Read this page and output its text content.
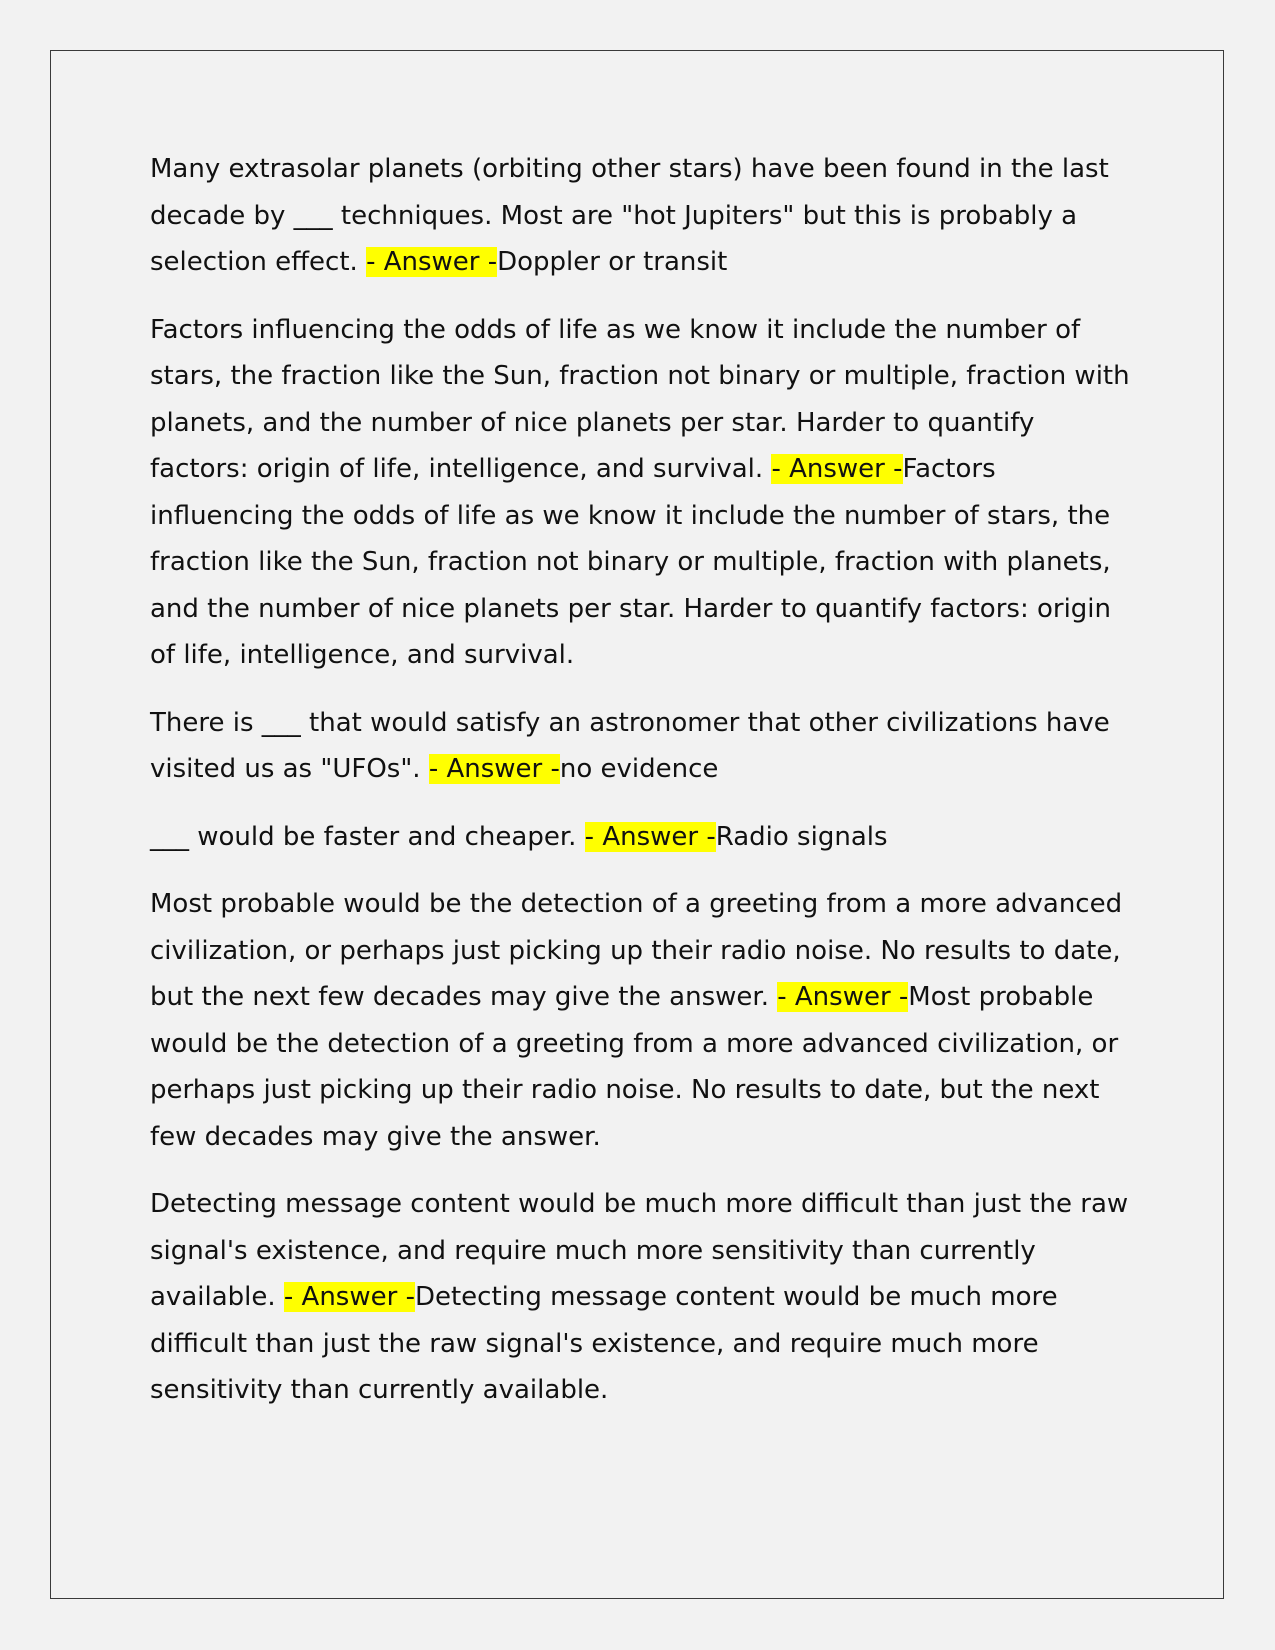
Many extrasolar planets (orbiting other stars) have been found in the last decade by ___ techniques. Most are "hot Jupiters" but this is probably a selection effect. - Answer -Doppler or transit

Factors influencing the odds of life as we know it include the number of stars, the fraction like the Sun, fraction not binary or multiple, fraction with planets, and the number of nice planets per star. Harder to quantify factors: origin of life, intelligence, and survival. - Answer -Factors influencing the odds of life as we know it include the number of stars, the fraction like the Sun, fraction not binary or multiple, fraction with planets, and the number of nice planets per star. Harder to quantify factors: origin of life, intelligence, and survival.

There is ___ that would satisfy an astronomer that other civilizations have visited us as "UFOs". - Answer -no evidence

___ would be faster and cheaper. - Answer -Radio signals

Most probable would be the detection of a greeting from a more advanced civilization, or perhaps just picking up their radio noise. No results to date, but the next few decades may give the answer. - Answer -Most probable would be the detection of a greeting from a more advanced civilization, or perhaps just picking up their radio noise. No results to date, but the next few decades may give the answer.

Detecting message content would be much more difficult than just the raw signal's existence, and require much more sensitivity than currently available. - Answer -Detecting message content would be much more difficult than just the raw signal's existence, and require much more sensitivity than currently available.
